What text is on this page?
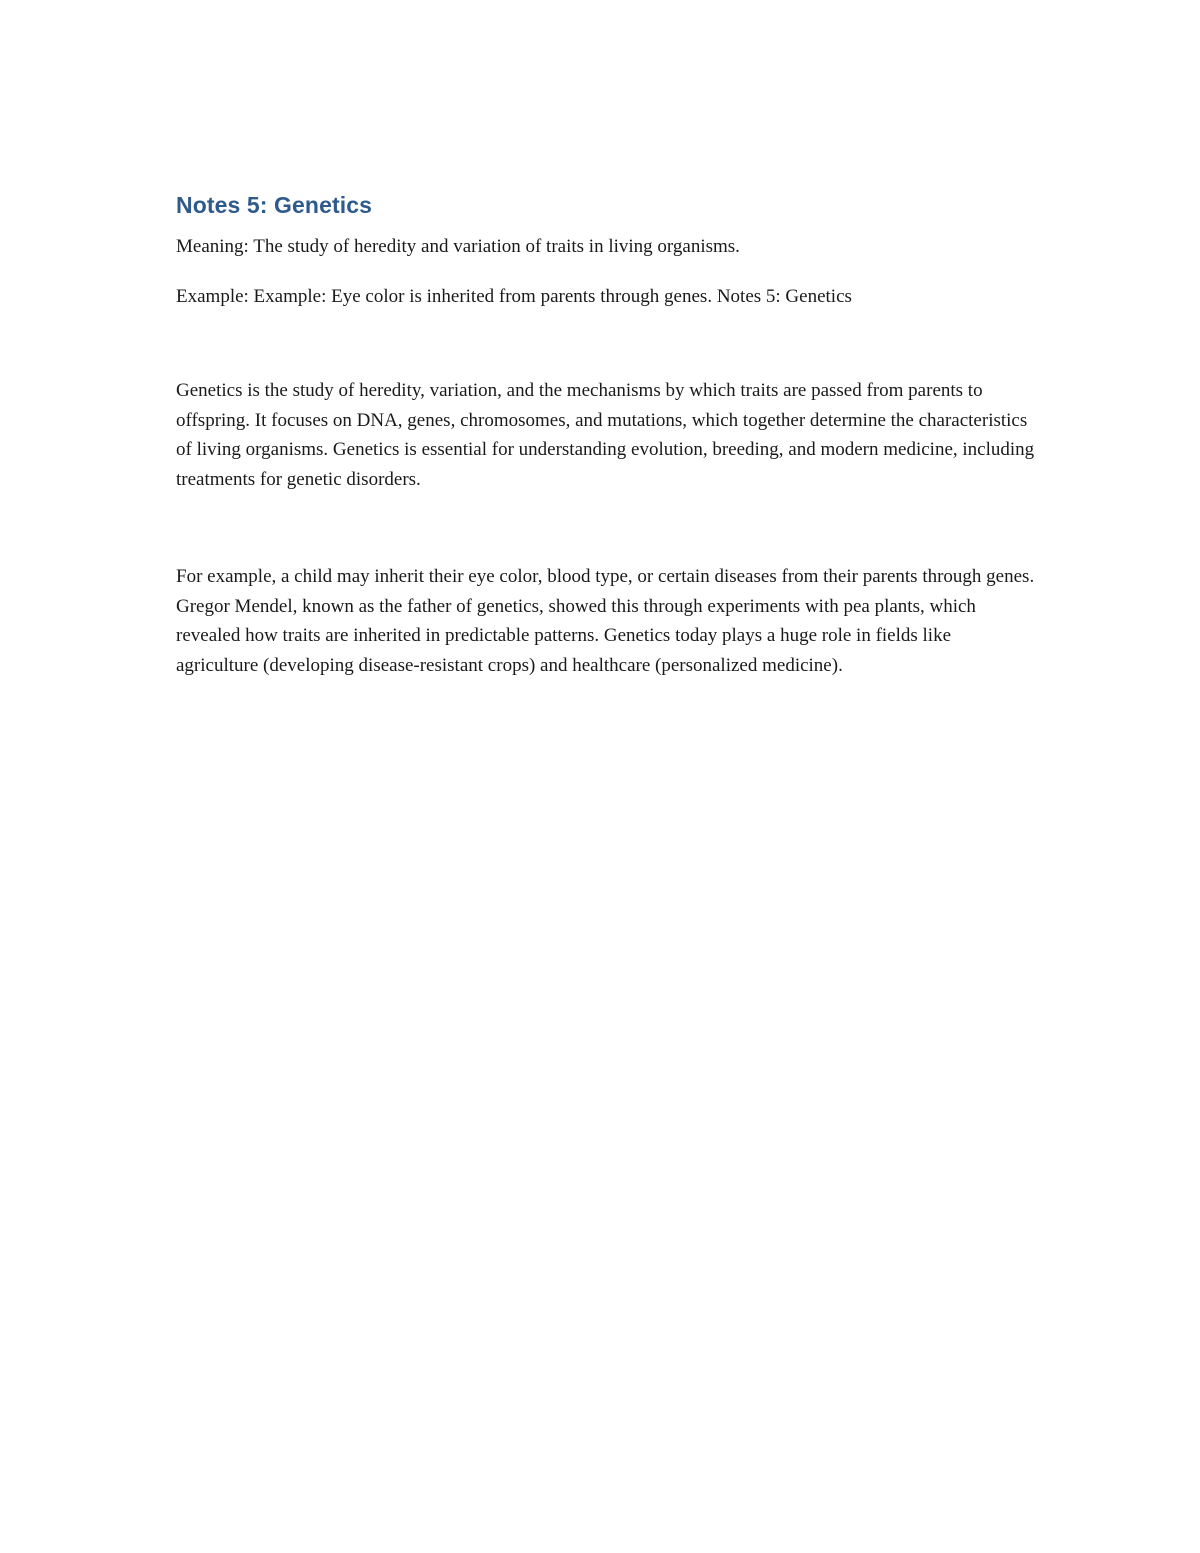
Notes 5: Genetics

Meaning: The study of heredity and variation of traits in living organisms.

Example: Example: Eye color is inherited from parents through genes. Notes 5: Genetics

Genetics is the study of heredity, variation, and the mechanisms by which traits are passed from parents to offspring. It focuses on DNA, genes, chromosomes, and mutations, which together determine the characteristics of living organisms. Genetics is essential for understanding evolution, breeding, and modern medicine, including treatments for genetic disorders.

For example, a child may inherit their eye color, blood type, or certain diseases from their parents through genes. Gregor Mendel, known as the father of genetics, showed this through experiments with pea plants, which revealed how traits are inherited in predictable patterns. Genetics today plays a huge role in fields like agriculture (developing disease-resistant crops) and healthcare (personalized medicine).
